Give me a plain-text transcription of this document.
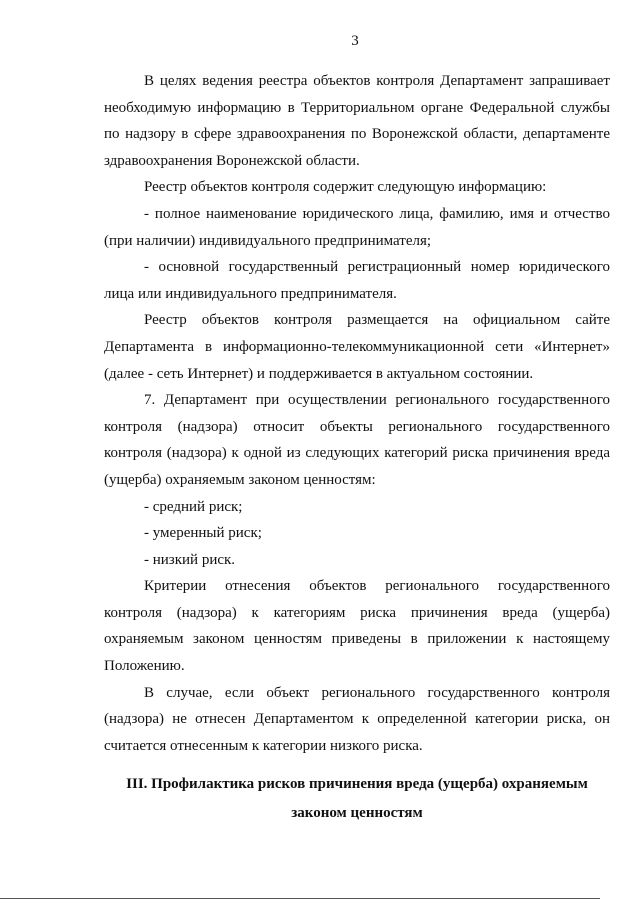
3

В целях ведения реестра объектов контроля Департамент запрашивает необходимую информацию в Территориальном органе Федеральной службы по надзору в сфере здравоохранения по Воронежской области, департаменте здравоохранения Воронежской области.

Реестр объектов контроля содержит следующую информацию:

- полное наименование юридического лица, фамилию, имя и отчество (при наличии) индивидуального предпринимателя;

- основной государственный регистрационный номер юридического лица или индивидуального предпринимателя.

Реестр объектов контроля размещается на официальном сайте Департамента в информационно-телекоммуникационной сети «Интернет» (далее - сеть Интернет) и поддерживается в актуальном состоянии.

7. Департамент при осуществлении регионального государственного контроля (надзора) относит объекты регионального государственного контроля (надзора) к одной из следующих категорий риска причинения вреда (ущерба) охраняемым законом ценностям:

- средний риск;

- умеренный риск;

- низкий риск.

Критерии отнесения объектов регионального государственного контроля (надзора) к категориям риска причинения вреда (ущерба) охраняемым законом ценностям приведены в приложении к настоящему Положению.

В случае, если объект регионального государственного контроля (надзора) не отнесен Департаментом к определенной категории риска, он считается отнесенным к категории низкого риска.

III. Профилактика рисков причинения вреда (ущерба) охраняемым
законом ценностям
